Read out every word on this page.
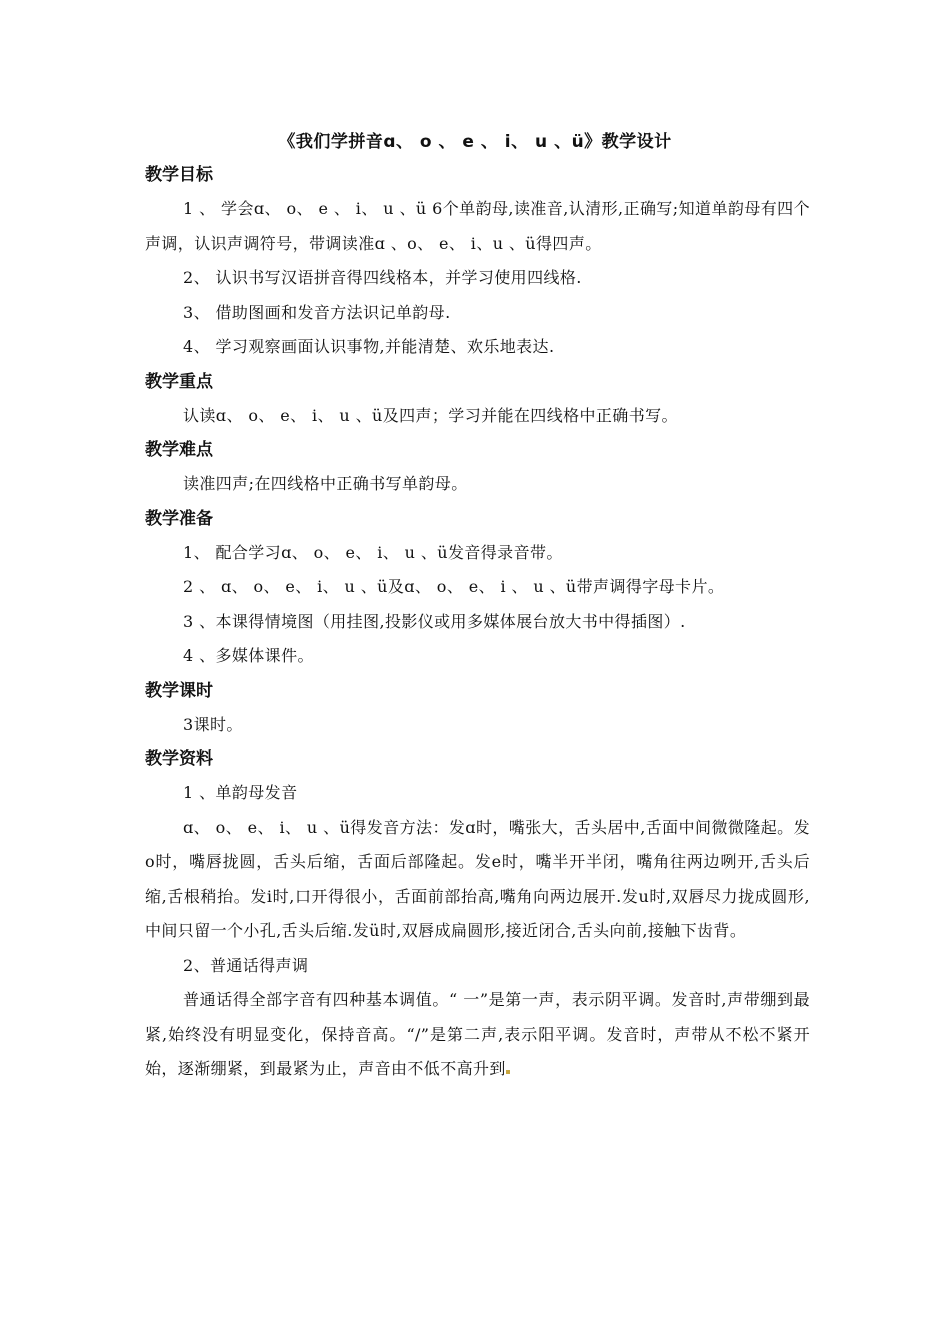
《我们学拼音ɑ、 o 、 e 、 i、 u 、ü》教学设计
教学目标
1 、 学会ɑ、 o、 e 、 i、 u 、ü 6个单韵母,读准音,认清形,正确写;知道单韵母有四个声调，认识声调符号，带调读准ɑ 、o、 e、 i、u 、ü得四声。
2、 认识书写汉语拼音得四线格本，并学习使用四线格.
3、 借助图画和发音方法识记单韵母.
4、 学习观察画面认识事物,并能清楚、欢乐地表达.
教学重点
认读ɑ、 o、 e、 i、 u 、ü及四声；学习并能在四线格中正确书写。
教学难点
读准四声;在四线格中正确书写单韵母。
教学准备
1、 配合学习ɑ、 o、 e、 i、 u 、ü发音得录音带。
2 、 ɑ、 o、 e、 i、 u 、ü及ɑ、 o、 e、 i 、 u 、ü带声调得字母卡片。
3 、本课得情境图（用挂图,投影仪或用多媒体展台放大书中得插图）.
4 、多媒体课件。
教学课时
3课时。
教学资料
1 、单韵母发音
ɑ、 o、 e、 i、 u 、ü得发音方法：发ɑ时，嘴张大，舌头居中,舌面中间微微隆起。发o时，嘴唇拢圆，舌头后缩，舌面后部隆起。发e时，嘴半开半闭，嘴角往两边咧开,舌头后缩,舌根稍抬。发i时,口开得很小，舌面前部抬高,嘴角向两边展开.发u时,双唇尽力拢成圆形,中间只留一个小孔,舌头后缩.发ü时,双唇成扁圆形,接近闭合,舌头向前,接触下齿背。
2、普通话得声调
普通话得全部字音有四种基本调值。“ 一”是第一声，表示阴平调。发音时,声带绷到最紧,始终没有明显变化，保持音高。“/”是第二声,表示阳平调。发音时，声带从不松不紧开始，逐渐绷紧，到最紧为止，声音由不低不高升到
